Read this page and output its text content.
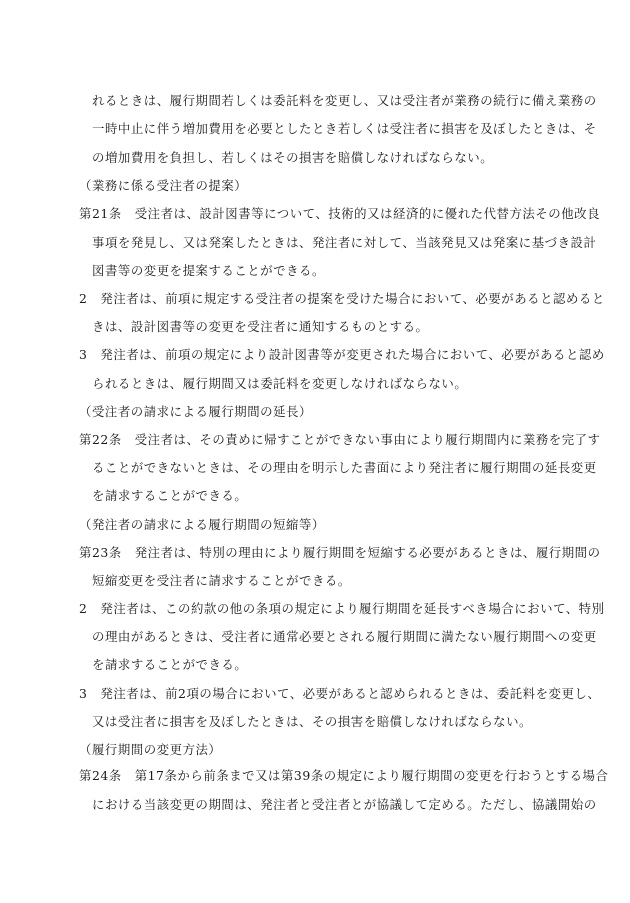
れるときは、履行期間若しくは委託料を変更し、又は受注者が業務の続行に備え業務の
一時中止に伴う増加費用を必要としたとき若しくは受注者に損害を及ぼしたときは、そ
の増加費用を負担し、若しくはその損害を賠償しなければならない。
（業務に係る受注者の提案）
第21条　受注者は、設計図書等について、技術的又は経済的に優れた代替方法その他改良
事項を発見し、又は発案したときは、発注者に対して、当該発見又は発案に基づき設計
図書等の変更を提案することができる。
2　発注者は、前項に規定する受注者の提案を受けた場合において、必要があると認めると
きは、設計図書等の変更を受注者に通知するものとする。
3　発注者は、前項の規定により設計図書等が変更された場合において、必要があると認め
られるときは、履行期間又は委託料を変更しなければならない。
（受注者の請求による履行期間の延長）
第22条　受注者は、その責めに帰すことができない事由により履行期間内に業務を完了す
ることができないときは、その理由を明示した書面により発注者に履行期間の延長変更
を請求することができる。
（発注者の請求による履行期間の短縮等）
第23条　発注者は、特別の理由により履行期間を短縮する必要があるときは、履行期間の
短縮変更を受注者に請求することができる。
2　発注者は、この約款の他の条項の規定により履行期間を延長すべき場合において、特別
の理由があるときは、受注者に通常必要とされる履行期間に満たない履行期間への変更
を請求することができる。
3　発注者は、前2項の場合において、必要があると認められるときは、委託料を変更し、
又は受注者に損害を及ぼしたときは、その損害を賠償しなければならない。
（履行期間の変更方法）
第24条　第17条から前条まで又は第39条の規定により履行期間の変更を行おうとする場合
における当該変更の期間は、発注者と受注者とが協議して定める。ただし、協議開始の
